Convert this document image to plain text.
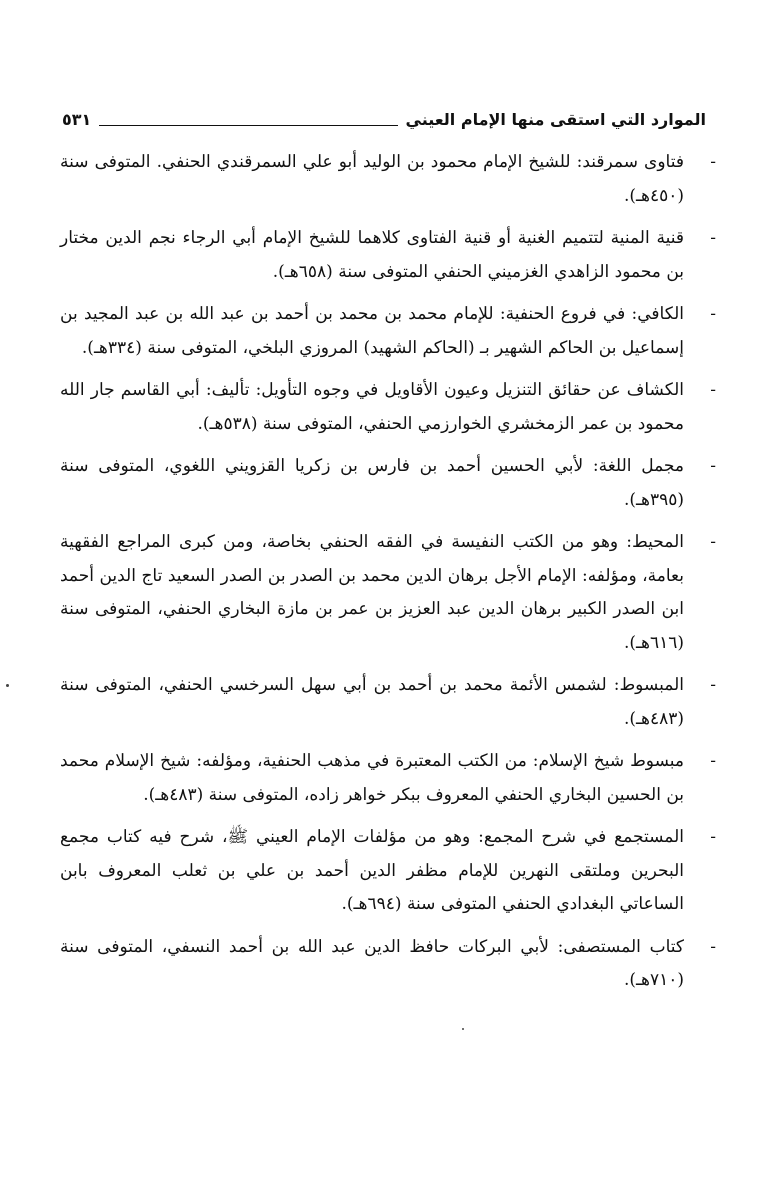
الموارد التي استقى منها الإمام العيني
٥٣١
-
فتاوى سمرقند: للشيخ الإمام محمود بن الوليد أبو علي السمرقندي الحنفي. المتوفى سنة (٤٥٠هـ).
-
قنية المنية لتتميم الغنية أو قنية الفتاوى كلاهما للشيخ الإمام أبي الرجاء نجم الدين مختار بن محمود الزاهدي الغزميني الحنفي المتوفى سنة (٦٥٨هـ).
-
الكافي: في فروع الحنفية: للإمام محمد بن محمد بن أحمد بن عبد الله بن عبد المجيد بن إسماعيل بن الحاكم الشهير بـ (الحاكم الشهيد) المروزي البلخي، المتوفى سنة (٣٣٤هـ).
-
الكشاف عن حقائق التنزيل وعيون الأقاويل في وجوه التأويل: تأليف: أبي القاسم جار الله محمود بن عمر الزمخشري الخوارزمي الحنفي، المتوفى سنة (٥٣٨هـ).
-
مجمل اللغة: لأبي الحسين أحمد بن فارس بن زكريا القزويني اللغوي، المتوفى سنة (٣٩٥هـ).
-
المحيط: وهو من الكتب النفيسة في الفقه الحنفي بخاصة، ومن كبرى المراجع الفقهية بعامة، ومؤلفه: الإمام الأجل برهان الدين محمد بن الصدر بن الصدر السعيد تاج الدين أحمد ابن الصدر الكبير برهان الدين عبد العزيز بن عمر بن مازة البخاري الحنفي، المتوفى سنة (٦١٦هـ).
-
المبسوط: لشمس الأئمة محمد بن أحمد بن أبي سهل السرخسي الحنفي، المتوفى سنة (٤٨٣هـ).
-
مبسوط شيخ الإسلام: من الكتب المعتبرة في مذهب الحنفية، ومؤلفه: شيخ الإسلام محمد بن الحسين البخاري الحنفي المعروف ببكر خواهر زاده، المتوفى سنة (٤٨٣هـ).
-
المستجمع في شرح المجمع: وهو من مؤلفات الإمام العيني ﷺ، شرح فيه كتاب مجمع البحرين وملتقى النهرين للإمام مظفر الدين أحمد بن علي بن ثعلب المعروف بابن الساعاتي البغدادي الحنفي المتوفى سنة (٦٩٤هـ).
-
كتاب المستصفى: لأبي البركات حافظ الدين عبد الله بن أحمد النسفي، المتوفى سنة (٧١٠هـ).
